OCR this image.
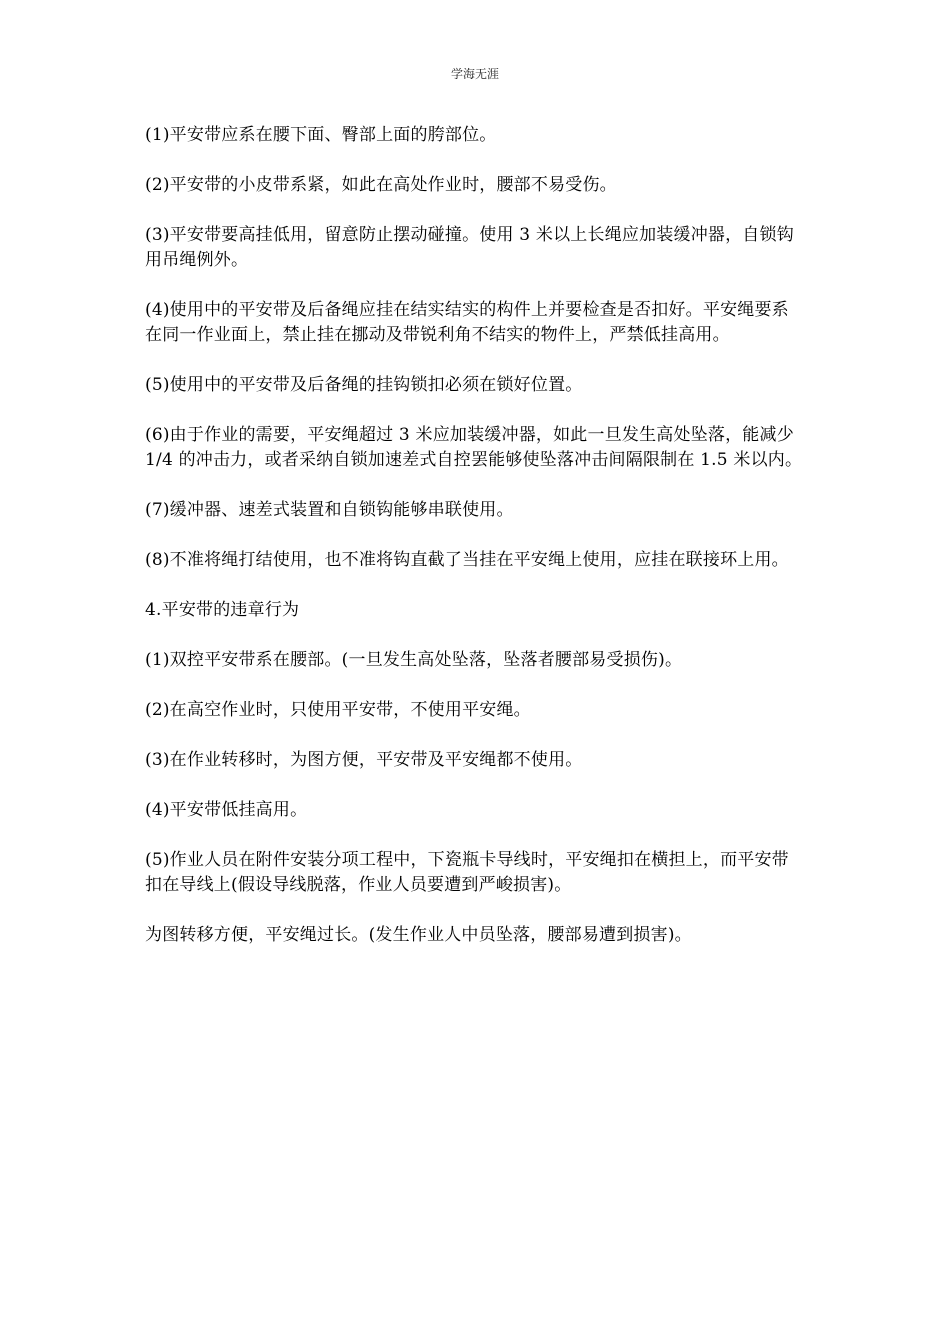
学海无涯

(1)平安带应系在腰下面、臀部上面的胯部位。

(2)平安带的小皮带系紧，如此在高处作业时，腰部不易受伤。

(3)平安带要高挂低用，留意防止摆动碰撞。使用 3 米以上长绳应加装缓冲器，自锁钩用吊绳例外。

(4)使用中的平安带及后备绳应挂在结实结实的构件上并要检查是否扣好。平安绳要系在同一作业面上，禁止挂在挪动及带锐利角不结实的物件上，严禁低挂高用。

(5)使用中的平安带及后备绳的挂钩锁扣必须在锁好位置。

(6)由于作业的需要，平安绳超过 3 米应加装缓冲器，如此一旦发生高处坠落，能减少 1/4 的冲击力，或者采纳自锁加速差式自控罢能够使坠落冲击间隔限制在 1.5 米以内。

(7)缓冲器、速差式装置和自锁钩能够串联使用。

(8)不准将绳打结使用，也不准将钩直截了当挂在平安绳上使用，应挂在联接环上用。

4.平安带的违章行为

(1)双控平安带系在腰部。(一旦发生高处坠落，坠落者腰部易受损伤)。

(2)在高空作业时，只使用平安带，不使用平安绳。

(3)在作业转移时，为图方便，平安带及平安绳都不使用。

(4)平安带低挂高用。

(5)作业人员在附件安装分项工程中，下瓷瓶卡导线时，平安绳扣在横担上，而平安带扣在导线上(假设导线脱落，作业人员要遭到严峻损害)。

为图转移方便，平安绳过长。(发生作业人中员坠落，腰部易遭到损害)。
